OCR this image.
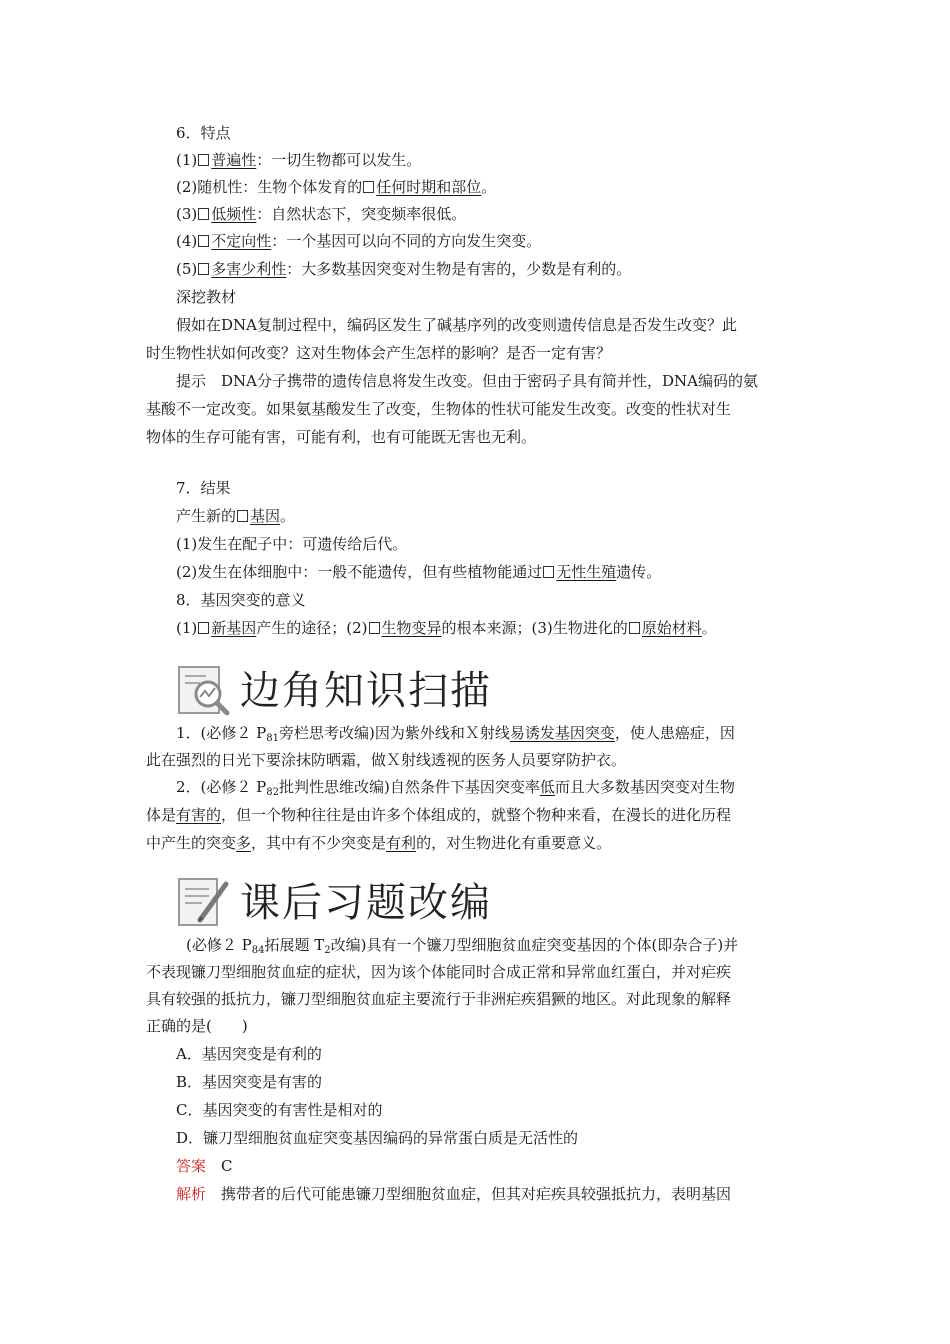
6．特点
(1) 普遍性：一切生物都可以发生。
(2)随机性：生物个体发育的 任何时期和部位。
(3) 低频性：自然状态下，突变频率很低。
(4) 不定向性：一个基因可以向不同的方向发生突变。
(5) 多害少利性：大多数基因突变对生物是有害的，少数是有利的。
深挖教材
假如在DNA复制过程中，编码区发生了碱基序列的改变则遗传信息是否发生改变？此
时生物性状如何改变？这对生物体会产生怎样的影响？是否一定有害？
提示　DNA分子携带的遗传信息将发生改变。但由于密码子具有简并性，DNA编码的氨
基酸不一定改变。如果氨基酸发生了改变，生物体的性状可能发生改变。改变的性状对生
物体的生存可能有害，可能有利，也有可能既无害也无利。
7．结果
产生新的 基因。
(1)发生在配子中：可遗传给后代。
(2)发生在体细胞中：一般不能遗传，但有些植物能通过 无性生殖遗传。
8．基因突变的意义
(1) 新基因产生的途径；(2) 生物变异的根本来源；(3)生物进化的 原始材料。
边角知识扫描
1．(必修２ $P_{81}$旁栏思考改编)因为紫外线和Ｘ射线易诱发基因突变，使人患癌症，因
此在强烈的日光下要涂抹防晒霜，做Ｘ射线透视的医务人员要穿防护衣。
2．(必修２ $P_{82}$批判性思维改编)自然条件下基因突变率低而且大多数基因突变对生物
体是有害的，但一个物种往往是由许多个体组成的，就整个物种来看，在漫长的进化历程
中产生的突变多，其中有不少突变是有利的，对生物进化有重要意义。
课后习题改编
(必修２ $P_{84}$拓展题 $T_2$改编)具有一个镰刀型细胞贫血症突变基因的个体(即杂合子)并
不表现镰刀型细胞贫血症的症状，因为该个体能同时合成正常和异常血红蛋白，并对疟疾
具有较强的抵抗力，镰刀型细胞贫血症主要流行于非洲疟疾猖獗的地区。对此现象的解释
正确的是(　　)
A．基因突变是有利的
B．基因突变是有害的
C．基因突变的有害性是相对的
D．镰刀型细胞贫血症突变基因编码的异常蛋白质是无活性的
答案　 C
解析　 携带者的后代可能患镰刀型细胞贫血症，但其对疟疾具较强抵抗力，表明基因
